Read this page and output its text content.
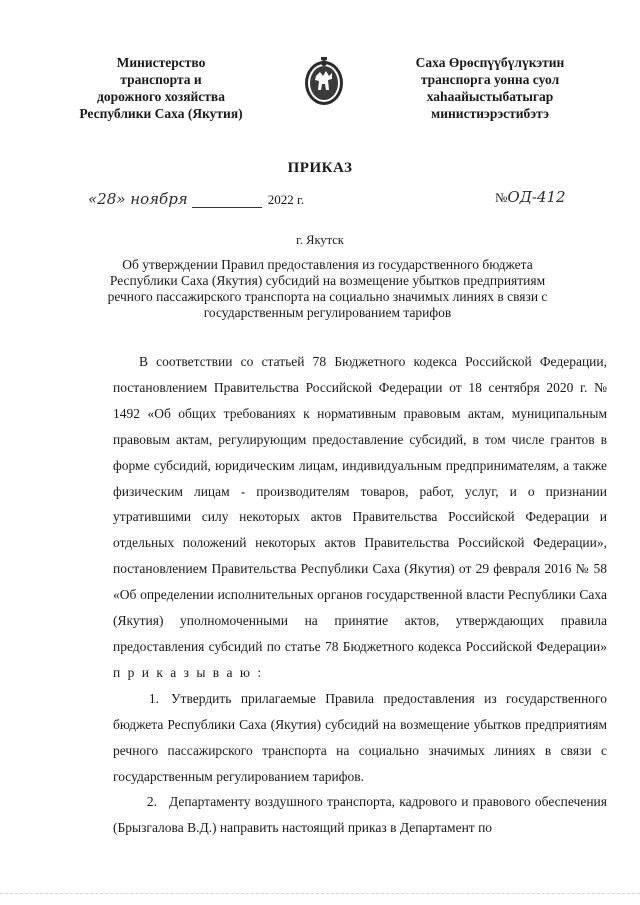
Министерство
транспорта и
дорожного хозяйства
Республики Саха (Якутия)
Саха Өрөспүүбүлүкэтин
транспорга уонна суол
хаһаайыстыбатыгар
министиэрэстибэтэ
ПРИКАЗ
«28» ноября	2022 г.	№ОД-412
г. Якутск
Об утверждении Правил предоставления из государственного бюджета
Республики Саха (Якутия) субсидий на возмещение убытков предприятиям
речного пассажирского транспорта на социально значимых линиях в связи с
государственным регулированием тарифов

В соответствии со статьей 78 Бюджетного кодекса Российской Федерации, постановлением Правительства Российской Федерации от 18 сентября 2020 г. № 1492 «Об общих требованиях к нормативным правовым актам, муниципальным правовым актам, регулирующим предоставление субсидий, в том числе грантов в форме субсидий, юридическим лицам, индивидуальным предпринимателям, а также физическим лицам - производителям товаров, работ, услуг, и о признании утратившими силу некоторых актов Правительства Российской Федерации и отдельных положений некоторых актов Правительства Российской Федерации», постановлением Правительства Республики Саха (Якутия) от 29 февраля 2016 № 58 «Об определении исполнительных органов государственной власти Республики Саха (Якутия) уполномоченными на принятие актов, утверждающих правила предоставления субсидий по статье 78 Бюджетного кодекса Российской Федерации» п р и к а з ы в а ю :

1. Утвердить прилагаемые Правила предоставления из государственного бюджета Республики Саха (Якутия) субсидий на возмещение убытков предприятиям речного пассажирского транспорта на социально значимых линиях в связи с государственным регулированием тарифов.

2. Департаменту воздушного транспорта, кадрового и правового обеспечения (Брызгалова В.Д.) направить настоящий приказ в Департамент по
